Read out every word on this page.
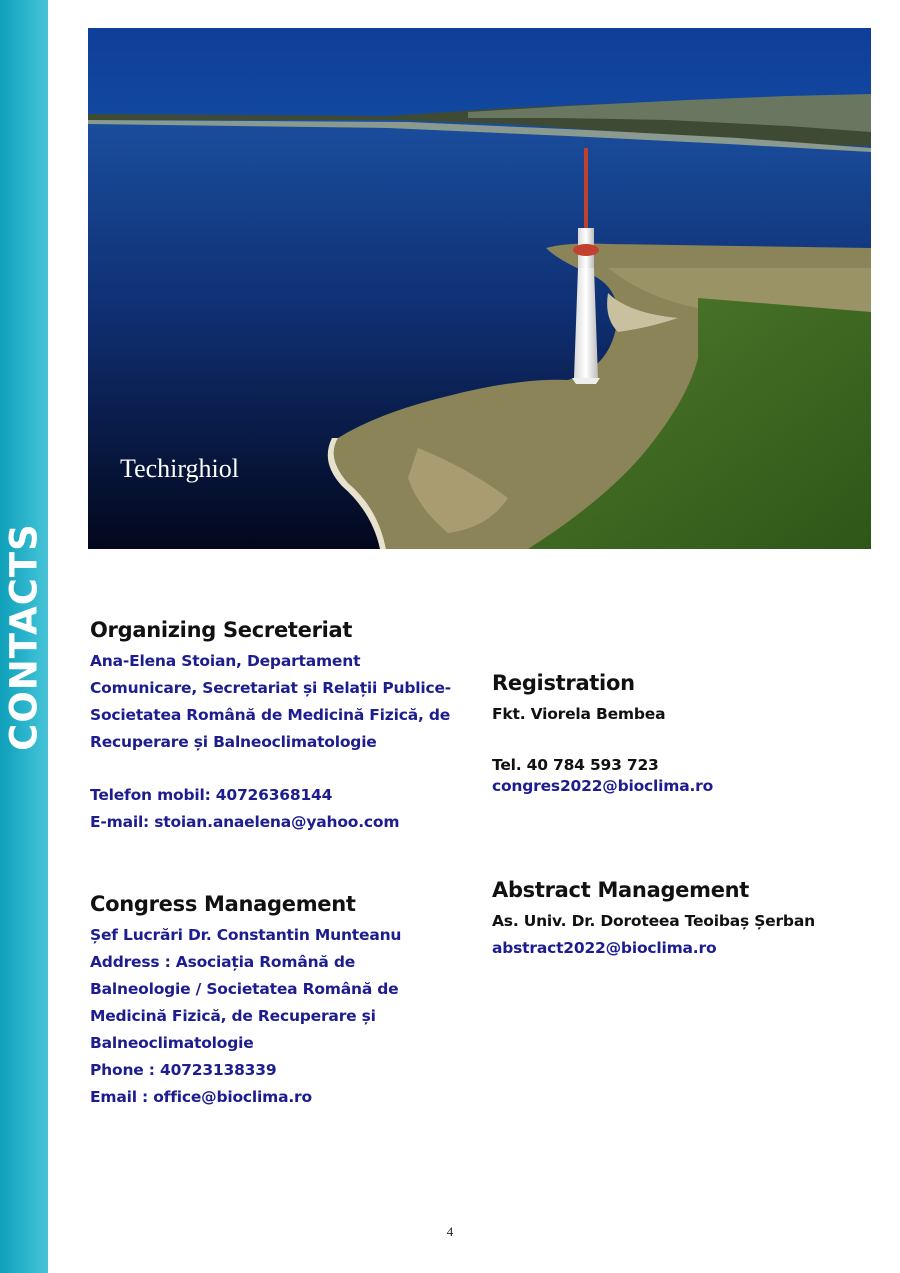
CONTACTS
Techirghiol
Organizing Secreteriat
Ana-Elena Stoian, Departament
Comunicare, Secretariat și Relații Publice-
Societatea Română de Medicină Fizică, de
Recuperare și Balneoclimatologie
Telefon mobil: 40726368144
E-mail: stoian.anaelena@yahoo.com
Registration
Fkt. Viorela Bembea
Tel. 40 784 593 723
congres2022@bioclima.ro
Congress Management
Șef Lucrări Dr. Constantin Munteanu
Address : Asociația Română de
Balneologie / Societatea Română de
Medicină Fizică, de Recuperare și
Balneoclimatologie
Phone : 40723138339
Email : office@bioclima.ro
Abstract Management
As. Univ. Dr. Doroteea Teoibaș Șerban
abstract2022@bioclima.ro
4
